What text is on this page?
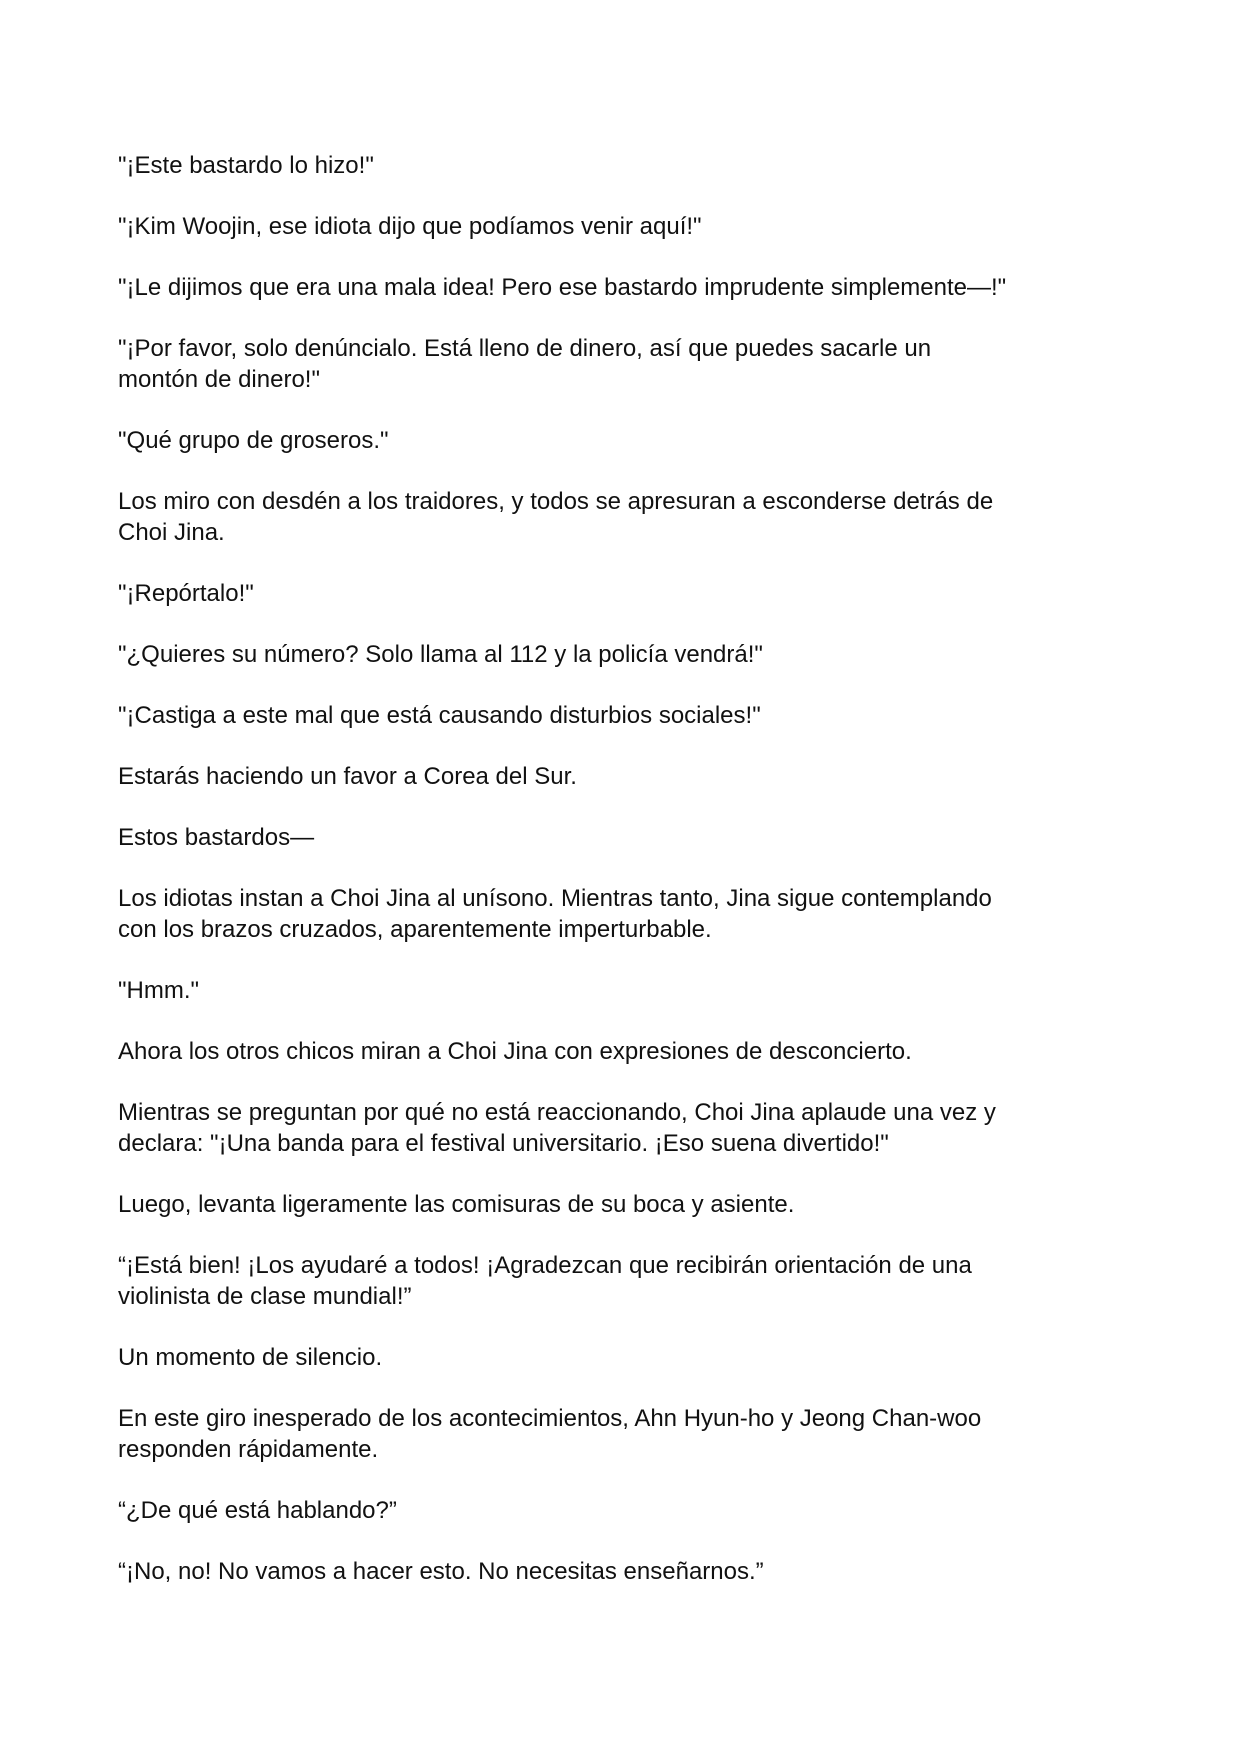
"¡Este bastardo lo hizo!"

"¡Kim Woojin, ese idiota dijo que podíamos venir aquí!"

"¡Le dijimos que era una mala idea! Pero ese bastardo imprudente simplemente—!"

"¡Por favor, solo denúncialo. Está lleno de dinero, así que puedes sacarle un
montón de dinero!"

"Qué grupo de groseros."

Los miro con desdén a los traidores, y todos se apresuran a esconderse detrás de
Choi Jina.

"¡Repórtalo!"

"¿Quieres su número? Solo llama al 112 y la policía vendrá!"

"¡Castiga a este mal que está causando disturbios sociales!"

Estarás haciendo un favor a Corea del Sur.

Estos bastardos—

Los idiotas instan a Choi Jina al unísono. Mientras tanto, Jina sigue contemplando
con los brazos cruzados, aparentemente imperturbable.

"Hmm."

Ahora los otros chicos miran a Choi Jina con expresiones de desconcierto.

Mientras se preguntan por qué no está reaccionando, Choi Jina aplaude una vez y
declara: "¡Una banda para el festival universitario. ¡Eso suena divertido!"

Luego, levanta ligeramente las comisuras de su boca y asiente.

“¡Está bien! ¡Los ayudaré a todos! ¡Agradezcan que recibirán orientación de una
violinista de clase mundial!”

Un momento de silencio.

En este giro inesperado de los acontecimientos, Ahn Hyun-ho y Jeong Chan-woo
responden rápidamente.

“¿De qué está hablando?”

“¡No, no! No vamos a hacer esto. No necesitas enseñarnos.”
